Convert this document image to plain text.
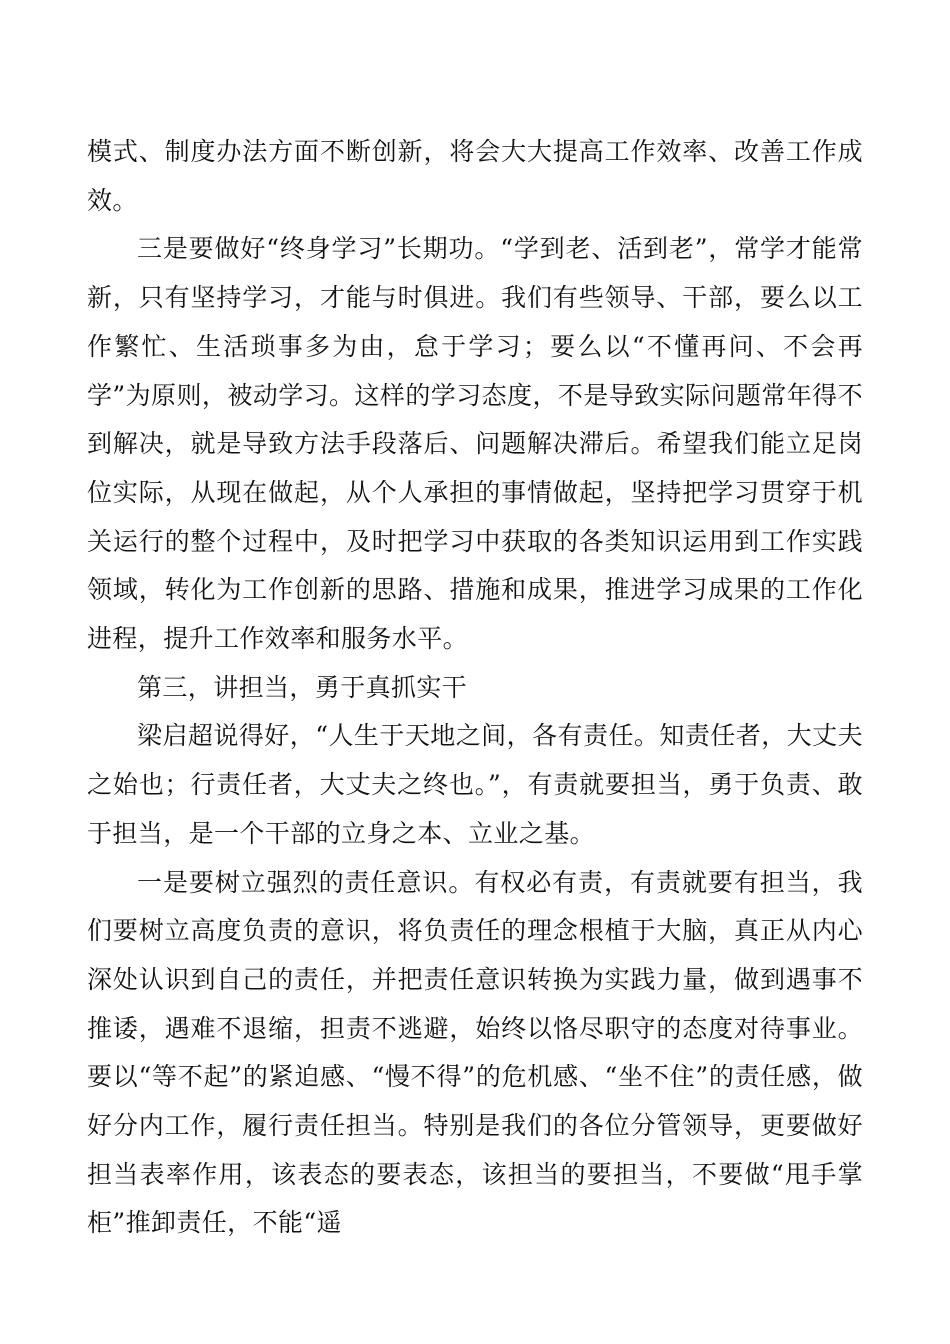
模式、制度办法方面不断创新，将会大大提高工作效率、改善工作成效。

三是要做好“终身学习”长期功。“学到老、活到老”，常学才能常新，只有坚持学习，才能与时俱进。我们有些领导、干部，要么以工作繁忙、生活琐事多为由，怠于学习；要么以“不懂再问、不会再学”为原则，被动学习。这样的学习态度，不是导致实际问题常年得不到解决，就是导致方法手段落后、问题解决滞后。希望我们能立足岗位实际，从现在做起，从个人承担的事情做起，坚持把学习贯穿于机关运行的整个过程中，及时把学习中获取的各类知识运用到工作实践领域，转化为工作创新的思路、措施和成果，推进学习成果的工作化进程，提升工作效率和服务水平。

第三，讲担当，勇于真抓实干

梁启超说得好，“人生于天地之间，各有责任。知责任者，大丈夫之始也；行责任者，大丈夫之终也。”，有责就要担当，勇于负责、敢于担当，是一个干部的立身之本、立业之基。

一是要树立强烈的责任意识。有权必有责，有责就要有担当，我们要树立高度负责的意识，将负责任的理念根植于大脑，真正从内心深处认识到自己的责任，并把责任意识转换为实践力量，做到遇事不推诿，遇难不退缩，担责不逃避，始终以恪尽职守的态度对待事业。要以“等不起”的紧迫感、“慢不得”的危机感、“坐不住”的责任感，做好分内工作，履行责任担当。特别是我们的各位分管领导，更要做好担当表率作用，该表态的要表态，该担当的要担当，不要做“甩手掌柜”推卸责任，不能“遥
